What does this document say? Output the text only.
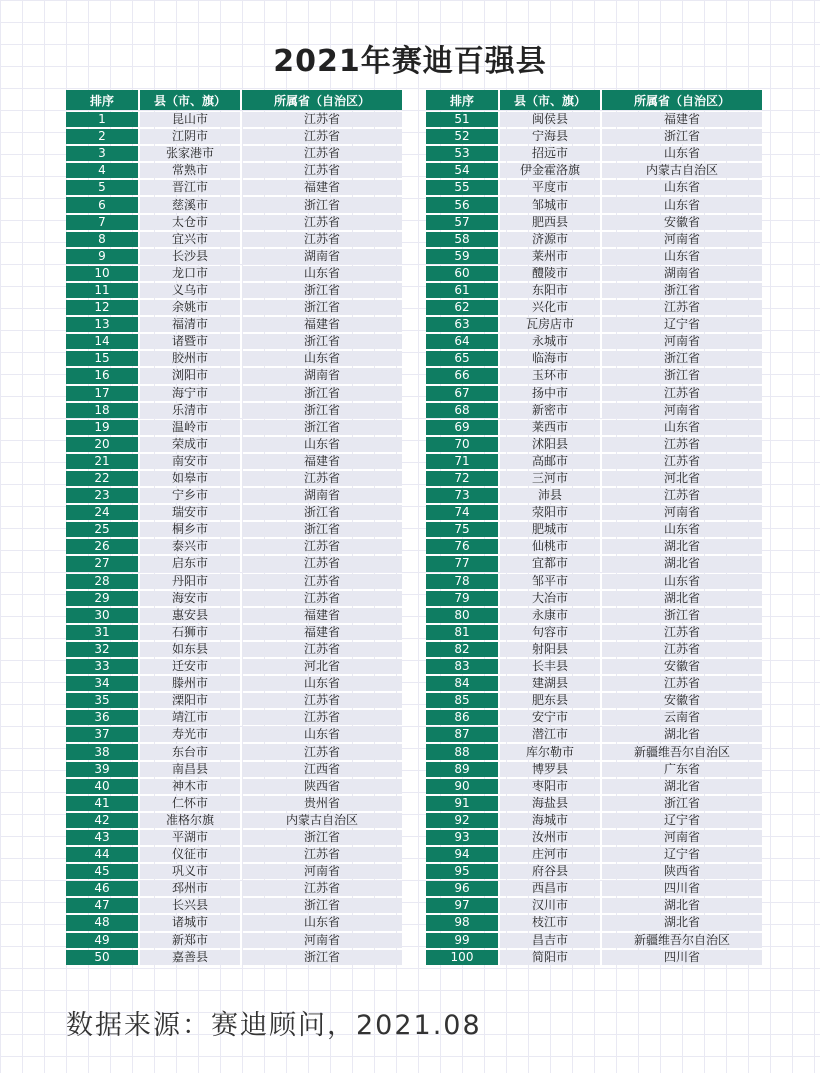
2021年赛迪百强县
排序	县（市、旗）	所属省（自治区）
1	昆山市	江苏省
2	江阴市	江苏省
3	张家港市	江苏省
4	常熟市	江苏省
5	晋江市	福建省
6	慈溪市	浙江省
7	太仓市	江苏省
8	宜兴市	江苏省
9	长沙县	湖南省
10	龙口市	山东省
11	义乌市	浙江省
12	余姚市	浙江省
13	福清市	福建省
14	诸暨市	浙江省
15	胶州市	山东省
16	浏阳市	湖南省
17	海宁市	浙江省
18	乐清市	浙江省
19	温岭市	浙江省
20	荣成市	山东省
21	南安市	福建省
22	如皋市	江苏省
23	宁乡市	湖南省
24	瑞安市	浙江省
25	桐乡市	浙江省
26	泰兴市	江苏省
27	启东市	江苏省
28	丹阳市	江苏省
29	海安市	江苏省
30	惠安县	福建省
31	石狮市	福建省
32	如东县	江苏省
33	迁安市	河北省
34	滕州市	山东省
35	溧阳市	江苏省
36	靖江市	江苏省
37	寿光市	山东省
38	东台市	江苏省
39	南昌县	江西省
40	神木市	陕西省
41	仁怀市	贵州省
42	准格尔旗	内蒙古自治区
43	平湖市	浙江省
44	仪征市	江苏省
45	巩义市	河南省
46	邳州市	江苏省
47	长兴县	浙江省
48	诸城市	山东省
49	新郑市	河南省
50	嘉善县	浙江省
排序	县（市、旗）	所属省（自治区）
51	闽侯县	福建省
52	宁海县	浙江省
53	招远市	山东省
54	伊金霍洛旗	内蒙古自治区
55	平度市	山东省
56	邹城市	山东省
57	肥西县	安徽省
58	济源市	河南省
59	莱州市	山东省
60	醴陵市	湖南省
61	东阳市	浙江省
62	兴化市	江苏省
63	瓦房店市	辽宁省
64	永城市	河南省
65	临海市	浙江省
66	玉环市	浙江省
67	扬中市	江苏省
68	新密市	河南省
69	莱西市	山东省
70	沭阳县	江苏省
71	高邮市	江苏省
72	三河市	河北省
73	沛县	江苏省
74	荥阳市	河南省
75	肥城市	山东省
76	仙桃市	湖北省
77	宜都市	湖北省
78	邹平市	山东省
79	大冶市	湖北省
80	永康市	浙江省
81	句容市	江苏省
82	射阳县	江苏省
83	长丰县	安徽省
84	建湖县	江苏省
85	肥东县	安徽省
86	安宁市	云南省
87	潜江市	湖北省
88	库尔勒市	新疆维吾尔自治区
89	博罗县	广东省
90	枣阳市	湖北省
91	海盐县	浙江省
92	海城市	辽宁省
93	汝州市	河南省
94	庄河市	辽宁省
95	府谷县	陕西省
96	西昌市	四川省
97	汉川市	湖北省
98	枝江市	湖北省
99	昌吉市	新疆维吾尔自治区
100	简阳市	四川省
数据来源：赛迪顾问，2021.08
